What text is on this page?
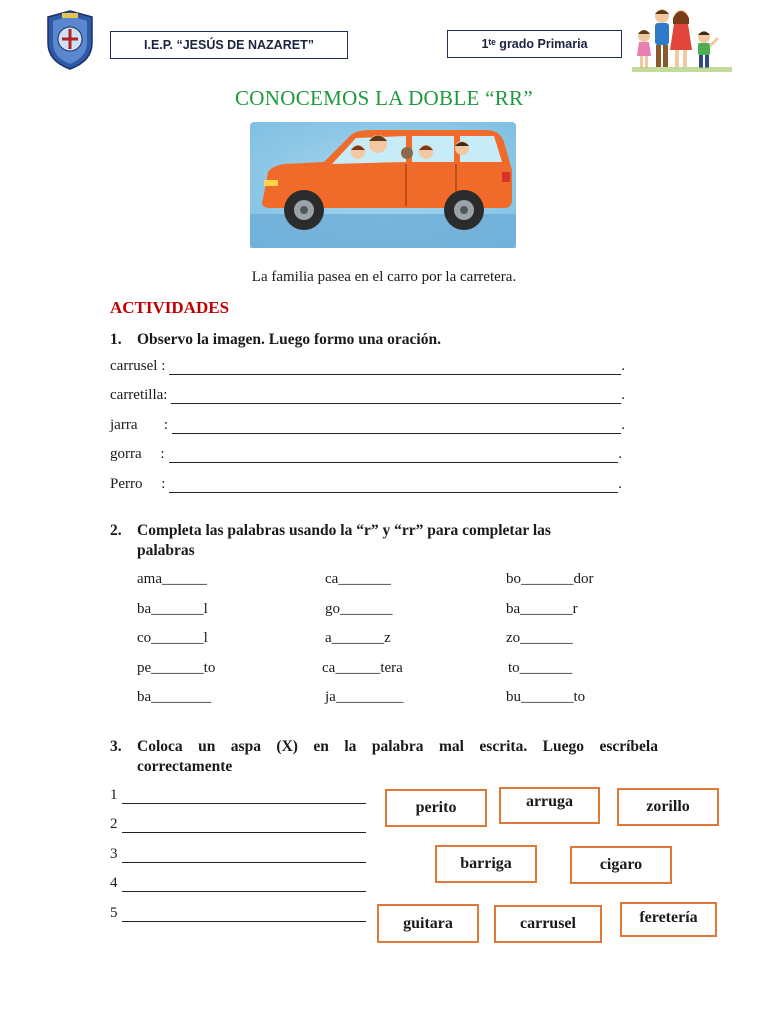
I.E.P. “JESÚS DE NAZARET”	1ᵗᵉ grado Primaria
CONOCEMOS LA DOBLE “RR”
La familia pasea en el carro por la carretera.
ACTIVIDADES
1. Observo la imagen. Luego formo una oración.
carrusel :	.
carretilla:	.
jarra :	.
gorra :	.
Perro :	.
2. Completa las palabras usando la “r” y “rr” para completar las palabras
ama______	ca_______	bo_______dor
ba_______l	go_______	ba_______r
co_______l	a_______z	zo_______
pe_______to	ca______tera	to_______
ba________	ja_________	bu_______to
3. Coloca un aspa (X) en la palabra mal escrita. Luego escríbela correctamente
1
2
3
4
5
perito	arruga	zorillo
barriga	cigaro
guitara	carrusel	feretería
